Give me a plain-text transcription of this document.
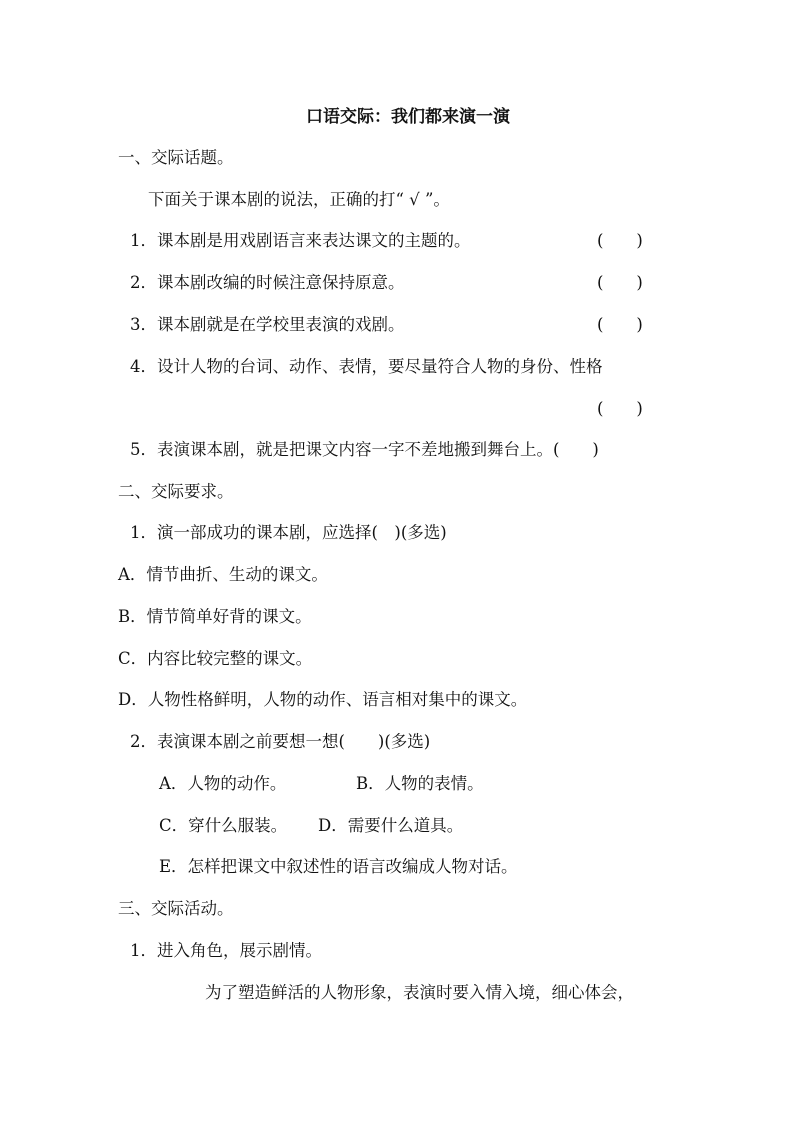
口语交际：我们都来演一演
一、交际话题。
下面关于课本剧的说法，正确的打“ √ ”。
1．课本剧是用戏剧语言来表达课文的主题的。	(　　)
2．课本剧改编的时候注意保持原意。	(　　)
3．课本剧就是在学校里表演的戏剧。	(　　)
4．设计人物的台词、动作、表情，要尽量符合人物的身份、性格
(　　)
5．表演课本剧，就是把课文内容一字不差地搬到舞台上。(　　)
二、交际要求。
1．演一部成功的课本剧，应选择(　)(多选)
A．情节曲折、生动的课文。
B．情节简单好背的课文。
C．内容比较完整的课文。
D．人物性格鲜明，人物的动作、语言相对集中的课文。
2．表演课本剧之前要想一想(　　)(多选)
A．人物的动作。	B．人物的表情。
C．穿什么服装。 D．需要什么道具。
E．怎样把课文中叙述性的语言改编成人物对话。
三、交际活动。
1．进入角色，展示剧情。
为了塑造鲜活的人物形象，表演时要入情入境，细心体会，
